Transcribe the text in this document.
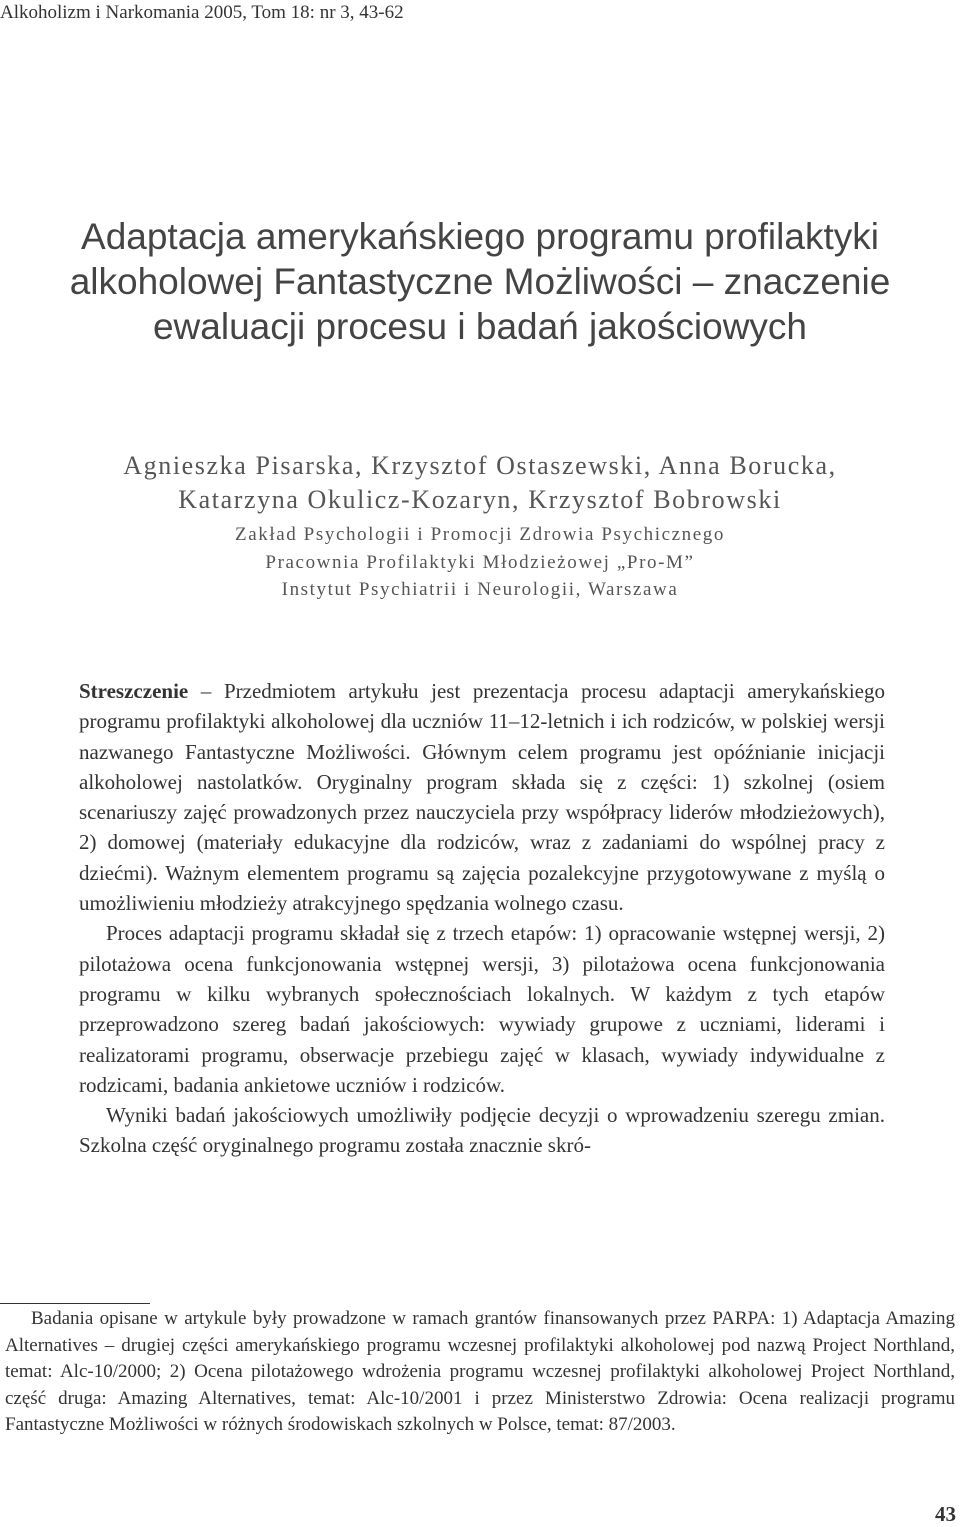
Alkoholizm i Narkomania 2005, Tom 18: nr 3, 43-62
Adaptacja amerykańskiego programu profilaktyki
alkoholowej Fantastyczne Możliwości – znaczenie
ewaluacji procesu i badań jakościowych
Agnieszka Pisarska, Krzysztof Ostaszewski, Anna Borucka,
Katarzyna Okulicz-Kozaryn, Krzysztof Bobrowski
Zakład Psychologii i Promocji Zdrowia Psychicznego
Pracownia Profilaktyki Młodzieżowej „Pro-M”
Instytut Psychiatrii i Neurologii, Warszawa

Streszczenie – Przedmiotem artykułu jest prezentacja procesu adaptacji amerykańskiego programu profilaktyki alkoholowej dla uczniów 11–12-letnich i ich rodziców, w polskiej wersji nazwanego Fantastyczne Możliwości. Głównym celem programu jest opóźnianie inicjacji alkoholowej nastolatków. Oryginalny program składa się z części: 1) szkolnej (osiem scenariuszy zajęć prowadzonych przez nauczyciela przy współpracy liderów młodzieżowych), 2) domowej (materiały edukacyjne dla rodziców, wraz z zadaniami do wspólnej pracy z dziećmi). Ważnym elementem programu są zajęcia pozalekcyjne przygotowywane z myślą o umożliwieniu młodzieży atrakcyjnego spędzania wolnego czasu.

Proces adaptacji programu składał się z trzech etapów: 1) opracowanie wstępnej wersji, 2) pilotażowa ocena funkcjonowania wstępnej wersji, 3) pilotażowa ocena funkcjonowania programu w kilku wybranych społecznościach lokalnych. W każdym z tych etapów przeprowadzono szereg badań jakościowych: wywiady grupowe z uczniami, liderami i realizatorami programu, obserwacje przebiegu zajęć w klasach, wywiady indywidualne z rodzicami, badania ankietowe uczniów i rodziców.

Wyniki badań jakościowych umożliwiły podjęcie decyzji o wprowadzeniu szeregu zmian. Szkolna część oryginalnego programu została znacznie skró-

Badania opisane w artykule były prowadzone w ramach grantów finansowanych przez PARPA: 1) Adaptacja Amazing Alternatives – drugiej części amerykańskiego programu wczesnej profilaktyki alkoholowej pod nazwą Project Northland, temat: Alc-10/2000; 2) Ocena pilotażowego wdrożenia programu wczesnej profilaktyki alkoholowej Project Northland, część druga: Amazing Alternatives, temat: Alc-10/2001 i przez Ministerstwo Zdrowia: Ocena realizacji programu Fantastyczne Możliwości w różnych środowiskach szkolnych w Polsce, temat: 87/2003.

43
